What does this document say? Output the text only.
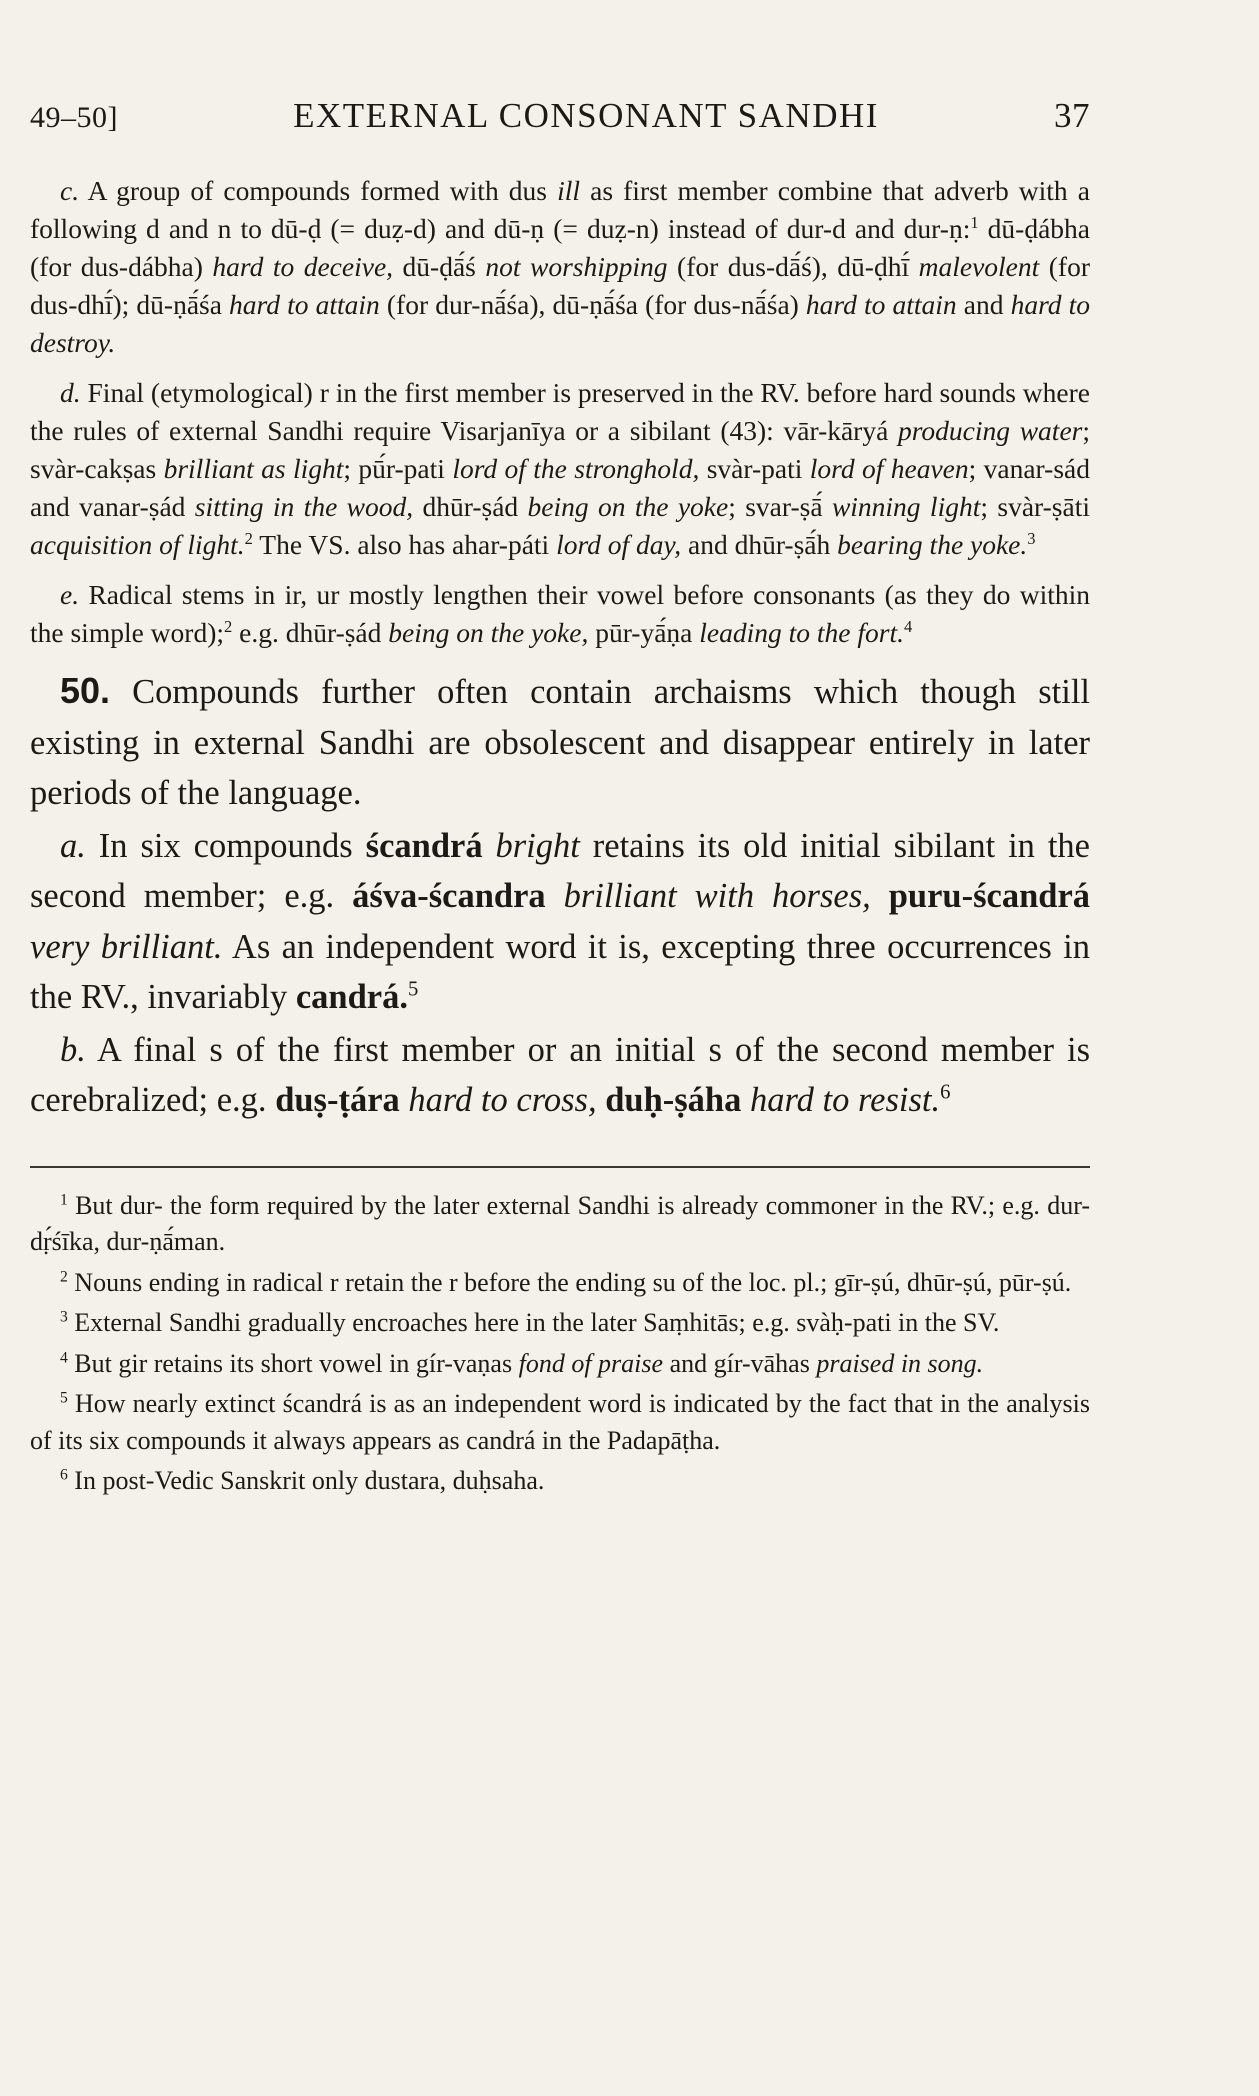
49–50]	EXTERNAL CONSONANT SANDHI	37

c. A group of compounds formed with dus ill as first member combine that adverb with a following d and n to dū-ḍ (= duẓ-d) and dū-ṇ (= duẓ-n) instead of dur-d and dur-ṇ:$^1$ dū-ḍábha (for dus-dábha) hard to deceive, dū-ḍā́ś not worshipping (for dus-dā́ś), dū-ḍhī́ malevolent (for dus-dhī́); dū-ṇā́śa hard to attain (for dur-nā́śa), dū-ṇā́śa (for dus-nā́śa) hard to attain and hard to destroy.

d. Final (etymological) r in the first member is preserved in the RV. before hard sounds where the rules of external Sandhi require Visarjanīya or a sibilant (43): vār-kāryá producing water; svàr-cakṣas brilliant as light; pū́r-pati lord of the stronghold, svàr-pati lord of heaven; vanar-sád and vanar-ṣád sitting in the wood, dhūr-ṣád being on the yoke; svar-ṣā́ winning light; svàr-ṣāti acquisition of light.$^2$ The VS. also has ahar-páti lord of day, and dhūr-ṣā́h bearing the yoke.$^3$

e. Radical stems in ir, ur mostly lengthen their vowel before consonants (as they do within the simple word);$^2$ e.g. dhūr-ṣád being on the yoke, pūr-yā́ṇa leading to the fort.$^4$

50. Compounds further often contain archaisms which though still existing in external Sandhi are obsolescent and disappear entirely in later periods of the language.

a. In six compounds ścandrá bright retains its old initial sibilant in the second member; e.g. áśva-ścandra brilliant with horses, puru-ścandrá very brilliant. As an independent word it is, excepting three occurrences in the RV., invariably candrá.$^5$

b. A final s of the first member or an initial s of the second member is cerebralized; e.g. duṣ-ṭára hard to cross, duḥ-ṣáha hard to resist.$^6$

$^1$ But dur- the form required by the later external Sandhi is already commoner in the RV.; e.g. dur-dṛ́śīka, dur-ṇā́man.

$^2$ Nouns ending in radical r retain the r before the ending su of the loc. pl.; gīr-ṣú, dhūr-ṣú, pūr-ṣú.

$^3$ External Sandhi gradually encroaches here in the later Saṃhitās; e.g. svàḥ-pati in the SV.

$^4$ But gir retains its short vowel in gír-vaṇas fond of praise and gír-vāhas praised in song.

$^5$ How nearly extinct ścandrá is as an independent word is indicated by the fact that in the analysis of its six compounds it always appears as candrá in the Padapāṭha.

$^6$ In post-Vedic Sanskrit only dustara, duḥsaha.
